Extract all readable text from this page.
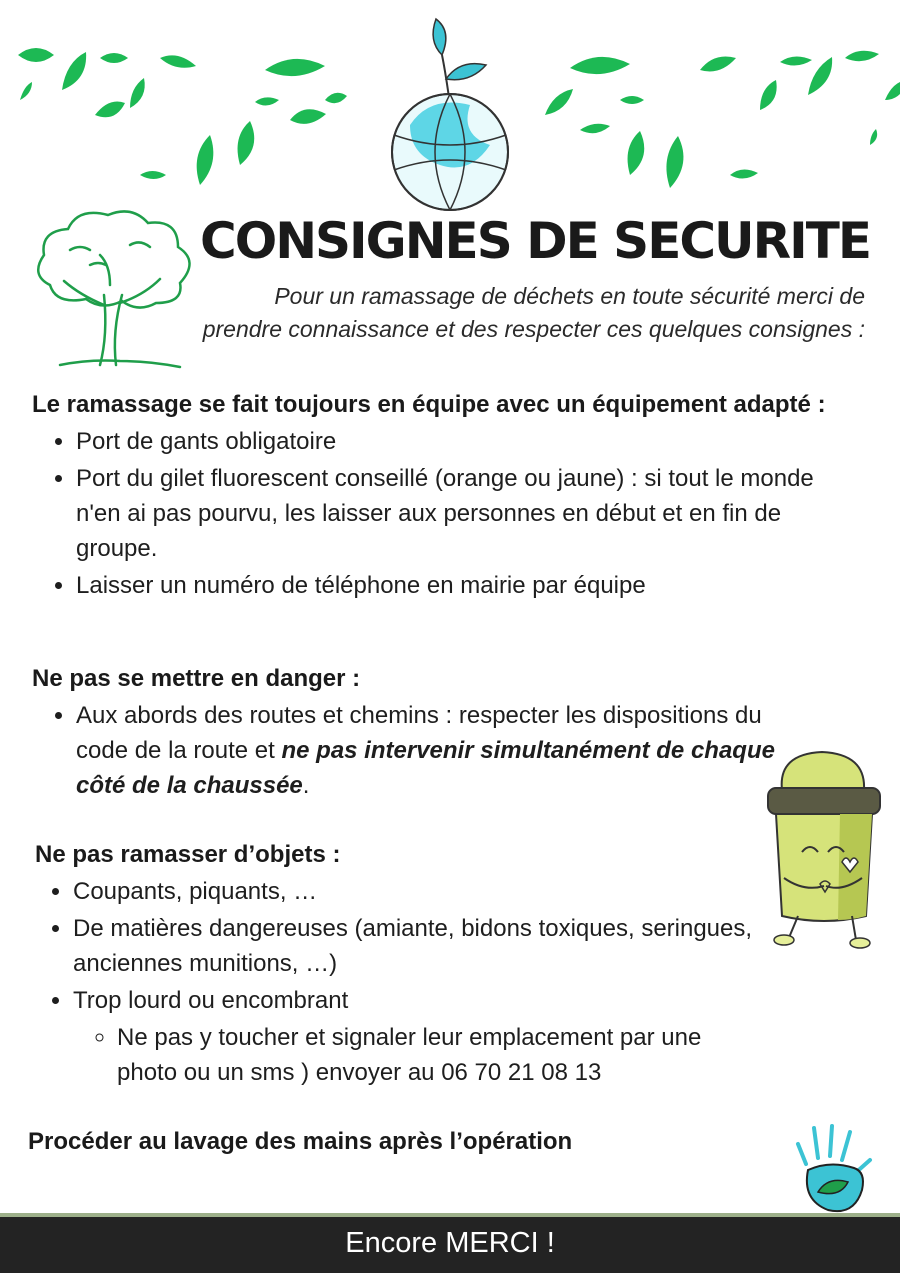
CONSIGNES DE SECURITE

Pour un ramassage de déchets en toute sécurité merci de
prendre connaissance et des respecter ces quelques consignes :

Le ramassage se fait toujours en équipe avec un équipement adapté :
• Port de gants obligatoire
• Port du gilet fluorescent conseillé (orange ou jaune) : si tout le monde n'en ai pas pourvu, les laisser aux personnes en début et en fin de groupe.
• Laisser un numéro de téléphone en mairie par équipe
Ne pas se mettre en danger :
• Aux abords des routes et chemins : respecter les dispositions du code de la route et ne pas intervenir simultanément de chaque côté de la chaussée.
Ne pas ramasser d’objets :
• Coupants, piquants, …
• De matières dangereuses (amiante, bidons toxiques, seringues, anciennes munitions, …)
• Trop lourd ou encombrant
◦ Ne pas y toucher et signaler leur emplacement par une photo ou un sms ) envoyer au 06 70 21 08 13

Procéder au lavage des mains après l’opération

Encore MERCI !
